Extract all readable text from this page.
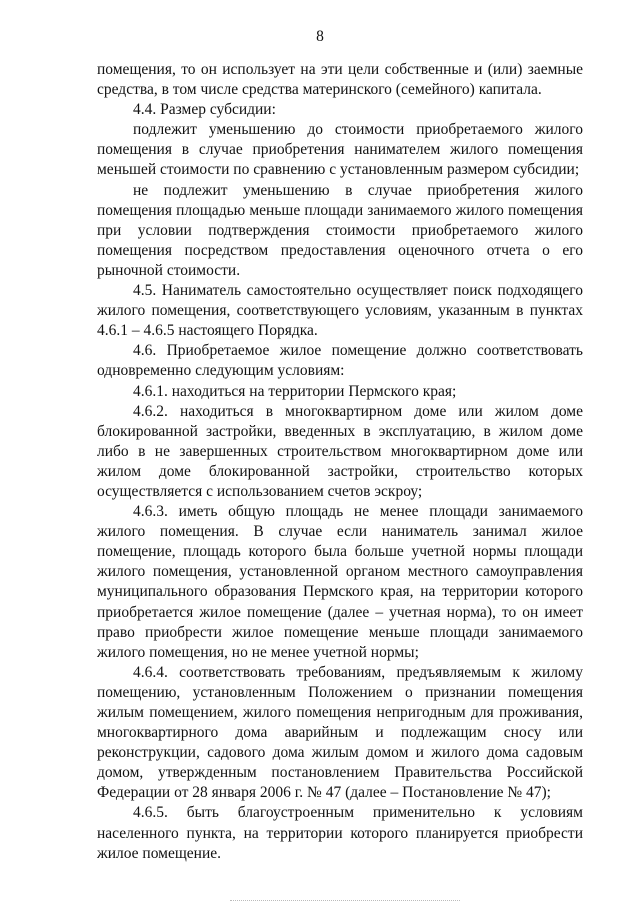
8

помещения, то он использует на эти цели собственные и (или) заемные средства, в том числе средства материнского (семейного) капитала.

4.4. Размер субсидии:

подлежит уменьшению до стоимости приобретаемого жилого помещения в случае приобретения нанимателем жилого помещения меньшей стоимости по сравнению с установленным размером субсидии;

не подлежит уменьшению в случае приобретения жилого помещения площадью меньше площади занимаемого жилого помещения при условии подтверждения стоимости приобретаемого жилого помещения посредством предоставления оценочного отчета о его рыночной стоимости.

4.5. Наниматель самостоятельно осуществляет поиск подходящего жилого помещения, соответствующего условиям, указанным в пунктах 4.6.1 – 4.6.5 настоящего Порядка.

4.6. Приобретаемое жилое помещение должно соответствовать одновременно следующим условиям:

4.6.1. находиться на территории Пермского края;

4.6.2. находиться в многоквартирном доме или жилом доме блокированной застройки, введенных в эксплуатацию, в жилом доме либо в не завершенных строительством многоквартирном доме или жилом доме блокированной застройки, строительство которых осуществляется с использованием счетов эскроу;

4.6.3. иметь общую площадь не менее площади занимаемого жилого помещения. В случае если наниматель занимал жилое помещение, площадь которого была больше учетной нормы площади жилого помещения, установленной органом местного самоуправления муниципального образования Пермского края, на территории которого приобретается жилое помещение (далее – учетная норма), то он имеет право приобрести жилое помещение меньше площади занимаемого жилого помещения, но не менее учетной нормы;

4.6.4. соответствовать требованиям, предъявляемым к жилому помещению, установленным Положением о признании помещения жилым помещением, жилого помещения непригодным для проживания, многоквартирного дома аварийным и подлежащим сносу или реконструкции, садового дома жилым домом и жилого дома садовым домом, утвержденным постановлением Правительства Российской Федерации от 28 января 2006 г. № 47 (далее – Постановление № 47);

4.6.5. быть благоустроенным применительно к условиям населенного пункта, на территории которого планируется приобрести жилое помещение.
